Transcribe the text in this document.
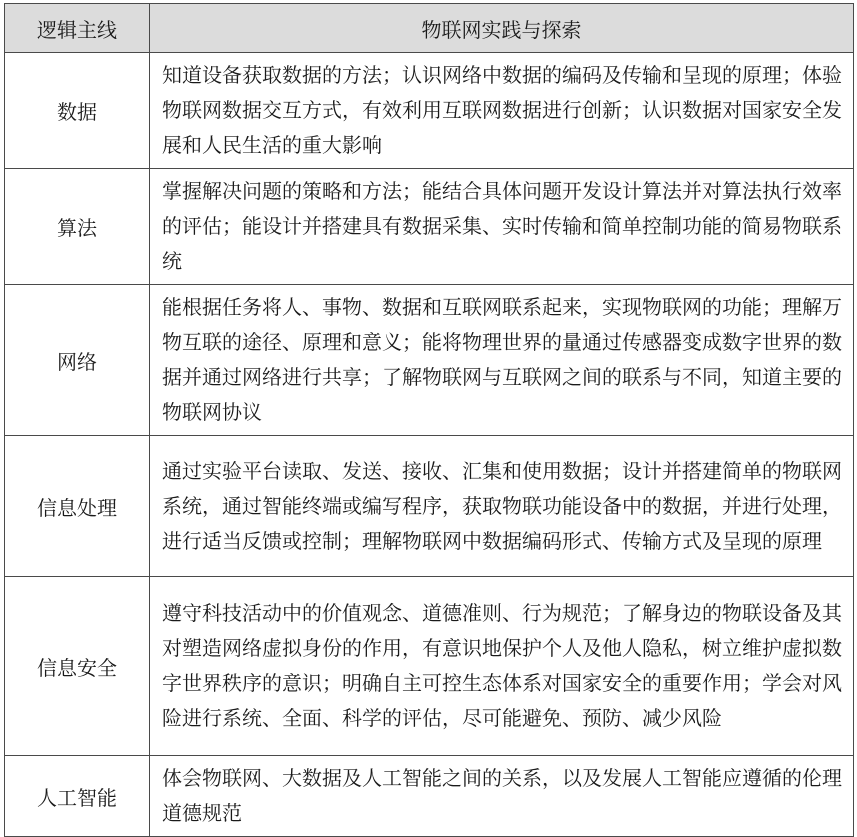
逻辑主线	物联网实践与探索
数据	知道设备获取数据的方法；认识网络中数据的编码及传输和呈现的原理；体验物联网数据交互方式，有效利用互联网数据进行创新；认识数据对国家安全发展和人民生活的重大影响
算法	掌握解决问题的策略和方法；能结合具体问题开发设计算法并对算法执行效率的评估；能设计并搭建具有数据采集、实时传输和简单控制功能的简易物联系统
网络	能根据任务将人、事物、数据和互联网联系起来，实现物联网的功能；理解万物互联的途径、原理和意义；能将物理世界的量通过传感器变成数字世界的数据并通过网络进行共享；了解物联网与互联网之间的联系与不同，知道主要的物联网协议
信息处理	通过实验平台读取、发送、接收、汇集和使用数据；设计并搭建简单的物联网系统，通过智能终端或编写程序，获取物联功能设备中的数据，并进行处理，进行适当反馈或控制；理解物联网中数据编码形式、传输方式及呈现的原理
信息安全	遵守科技活动中的价值观念、道德准则、行为规范；了解身边的物联设备及其对塑造网络虚拟身份的作用，有意识地保护个人及他人隐私，树立维护虚拟数字世界秩序的意识；明确自主可控生态体系对国家安全的重要作用；学会对风险进行系统、全面、科学的评估，尽可能避免、预防、减少风险
人工智能	体会物联网、大数据及人工智能之间的关系，以及发展人工智能应遵循的伦理道德规范
